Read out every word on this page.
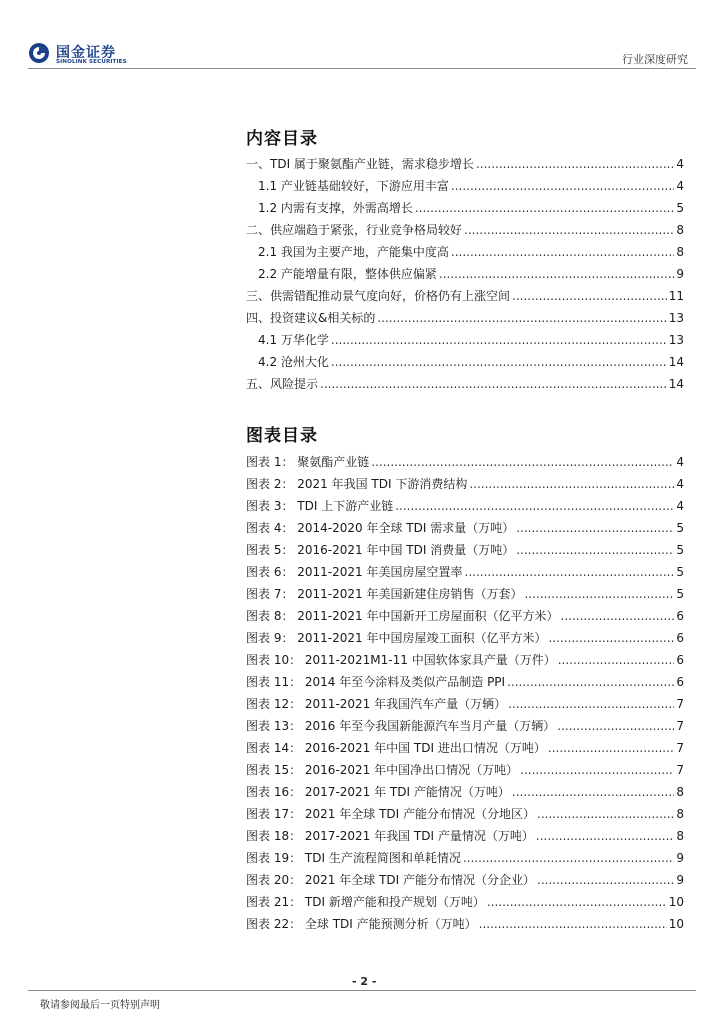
国金证券
SINOLINK SECURITIES	行业深度研究
内容目录
一、TDI 属于聚氨酯产业链，需求稳步增长 .....	4
1.1 产业链基础较好，下游应用丰富 .....	4
1.2 内需有支撑，外需高增长 .....	5
二、供应端趋于紧张，行业竞争格局较好 .....	8
2.1 我国为主要产地，产能集中度高 .....	8
2.2 产能增量有限，整体供应偏紧 .....	9
三、供需错配推动景气度向好，价格仍有上涨空间 .....	11
四、投资建议&相关标的 .....	13
4.1 万华化学 .....	13
4.2 沧州大化 .....	14
五、风险提示 .....	14
图表目录
图表 1： 聚氨酯产业链 .....	4
图表 2： 2021 年我国 TDI 下游消费结构 .....	4
图表 3： TDI 上下游产业链 .....	4
图表 4： 2014-2020 年全球 TDI 需求量（万吨） .....	5
图表 5： 2016-2021 年中国 TDI 消费量（万吨） .....	5
图表 6： 2011-2021 年美国房屋空置率 .....	5
图表 7： 2011-2021 年美国新建住房销售（万套） .....	5
图表 8： 2011-2021 年中国新开工房屋面积（亿平方米） .....	6
图表 9： 2011-2021 年中国房屋竣工面积（亿平方米） .....	6
图表 10： 2011-2021M1-11 中国软体家具产量（万件） .....	6
图表 11： 2014 年至今涂料及类似产品制造 PPI .....	6
图表 12： 2011-2021 年我国汽车产量（万辆） .....	7
图表 13： 2016 年至今我国新能源汽车当月产量（万辆） .....	7
图表 14： 2016-2021 年中国 TDI 进出口情况（万吨） .....	7
图表 15： 2016-2021 年中国净出口情况（万吨） .....	7
图表 16： 2017-2021 年 TDI 产能情况（万吨） .....	8
图表 17： 2021 年全球 TDI 产能分布情况（分地区） .....	8
图表 18： 2017-2021 年我国 TDI 产量情况（万吨） .....	8
图表 19： TDI 生产流程简图和单耗情况 .....	9
图表 20： 2021 年全球 TDI 产能分布情况（分企业） .....	9
图表 21： TDI 新增产能和投产规划（万吨） .....	10
图表 22： 全球 TDI 产能预测分析（万吨） .....	10
- 2 -
敬请参阅最后一页特别声明
